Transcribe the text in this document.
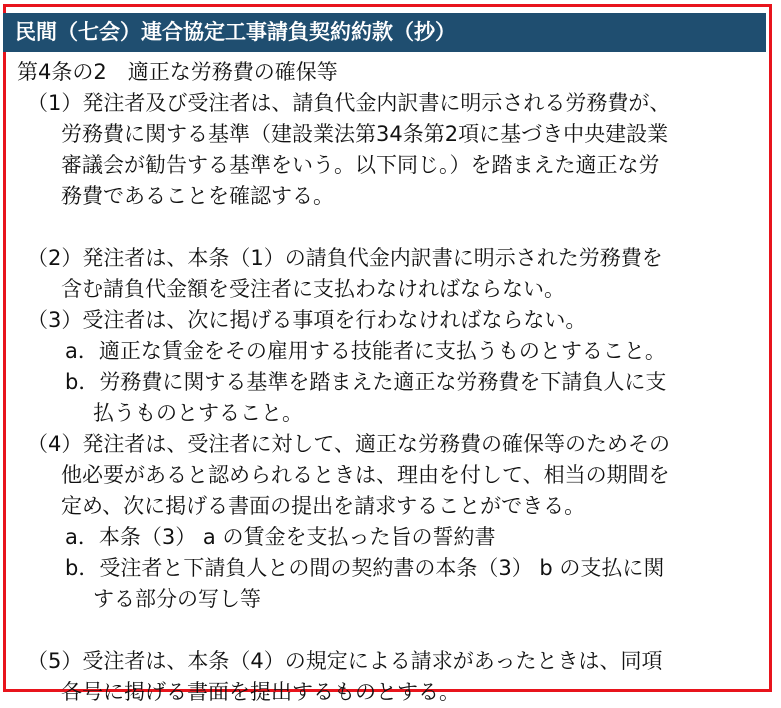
民間（七会）連合協定工事請負契約約款（抄）
第4条の2　適正な労務費の確保等
（1）発注者及び受注者は、請負代金内訳書に明示される労務費が、
労務費に関する基準（建設業法第34条第2項に基づき中央建設業
審議会が勧告する基準をいう。以下同じ。）を踏まえた適正な労
務費であることを確認する。
（2）発注者は、本条（1）の請負代金内訳書に明示された労務費を
含む請負代金額を受注者に支払わなければならない。
（3）受注者は、次に掲げる事項を行わなければならない。
a．適正な賃金をその雇用する技能者に支払うものとすること。
b．労務費に関する基準を踏まえた適正な労務費を下請負人に支
払うものとすること。
（4）発注者は、受注者に対して、適正な労務費の確保等のためその
他必要があると認められるときは、理由を付して、相当の期間を
定め、次に掲げる書面の提出を請求することができる。
a．本条（3） a の賃金を支払った旨の誓約書
b．受注者と下請負人との間の契約書の本条（3） b の支払に関
する部分の写し等
（5）受注者は、本条（4）の規定による請求があったときは、同項
各号に掲げる書面を提出するものとする。
